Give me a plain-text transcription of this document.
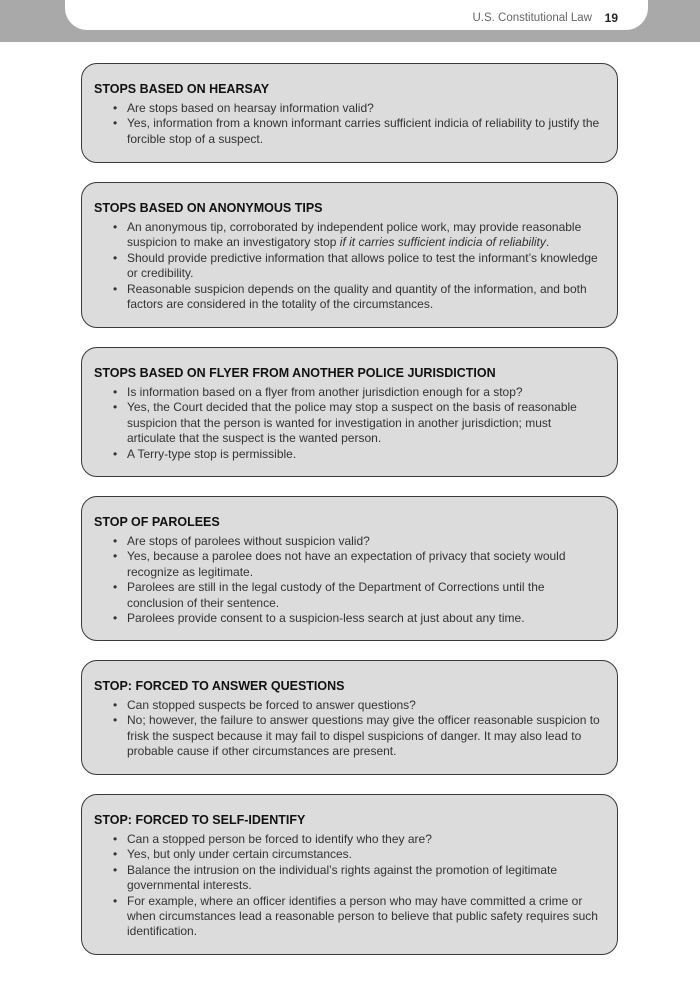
U.S. Constitutional Law 19
STOPS BASED ON HEARSAY
• Are stops based on hearsay information valid?
• Yes, information from a known informant carries sufficient indicia of reliability to justify the forcible stop of a suspect.
STOPS BASED ON ANONYMOUS TIPS
• An anonymous tip, corroborated by independent police work, may provide reasonable suspicion to make an investigatory stop if it carries sufficient indicia of reliability.
• Should provide predictive information that allows police to test the informant’s knowledge or credibility.
• Reasonable suspicion depends on the quality and quantity of the information, and both factors are considered in the totality of the circumstances.
STOPS BASED ON FLYER FROM ANOTHER POLICE JURISDICTION
• Is information based on a flyer from another jurisdiction enough for a stop?
• Yes, the Court decided that the police may stop a suspect on the basis of reasonable suspicion that the person is wanted for investigation in another jurisdiction; must articulate that the suspect is the wanted person.
• A Terry-type stop is permissible.
STOP OF PAROLEES
• Are stops of parolees without suspicion valid?
• Yes, because a parolee does not have an expectation of privacy that society would recognize as legitimate.
• Parolees are still in the legal custody of the Department of Corrections until the conclusion of their sentence.
• Parolees provide consent to a suspicion-less search at just about any time.
STOP: FORCED TO ANSWER QUESTIONS
• Can stopped suspects be forced to answer questions?
• No; however, the failure to answer questions may give the officer reasonable suspicion to frisk the suspect because it may fail to dispel suspicions of danger. It may also lead to probable cause if other circumstances are present.
STOP: FORCED TO SELF-IDENTIFY
• Can a stopped person be forced to identify who they are?
• Yes, but only under certain circumstances.
• Balance the intrusion on the individual’s rights against the promotion of legitimate governmental interests.
• For example, where an officer identifies a person who may have committed a crime or when circumstances lead a reasonable person to believe that public safety requires such identification.
